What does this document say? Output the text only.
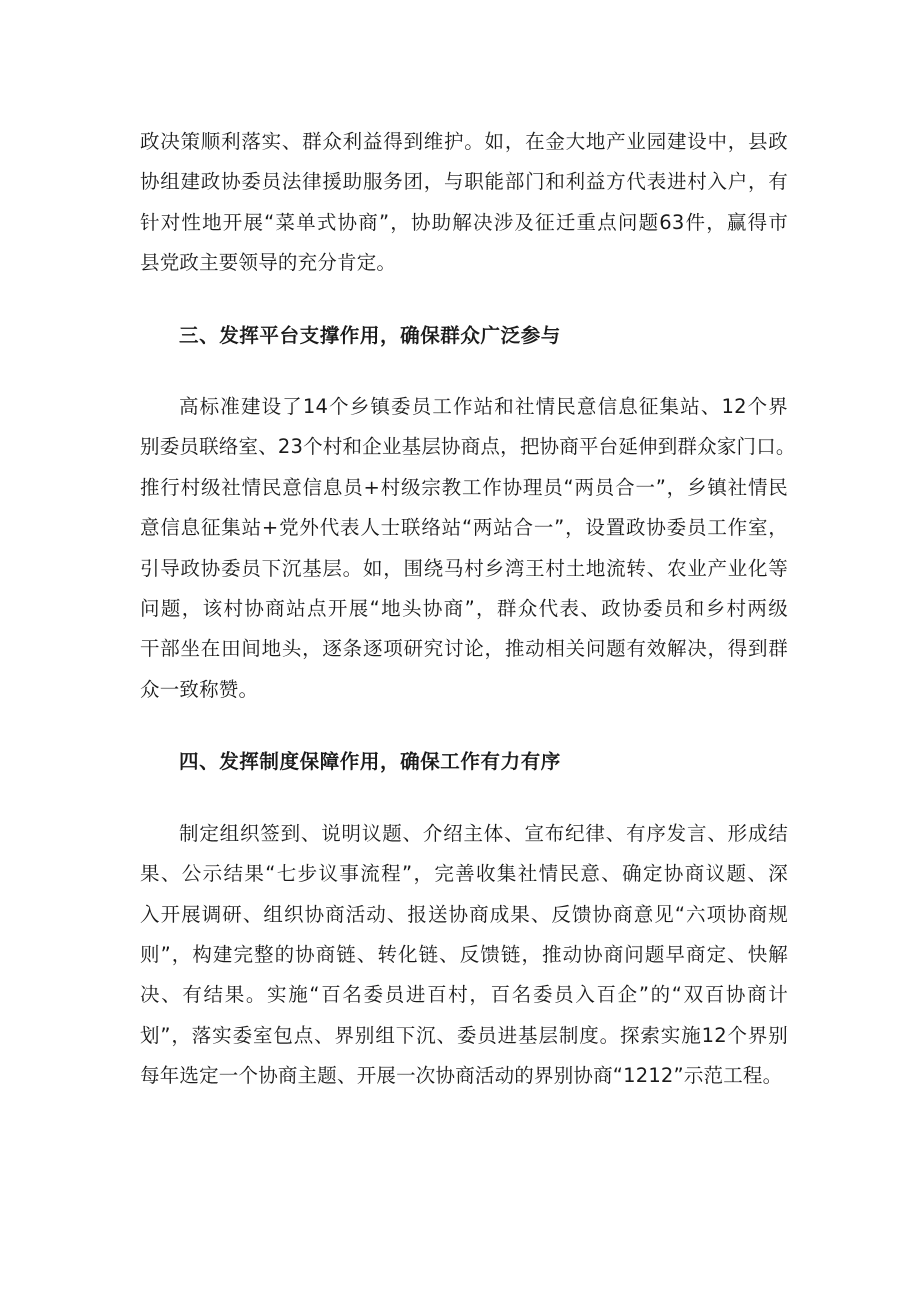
政决策顺利落实、群众利益得到维护。如，在金大地产业园建设中，县政
协组建政协委员法律援助服务团，与职能部门和利益方代表进村入户，有
针对性地开展“菜单式协商”，协助解决涉及征迁重点问题63件，赢得市
县党政主要领导的充分肯定。
三、发挥平台支撑作用，确保群众广泛参与
高标准建设了14个乡镇委员工作站和社情民意信息征集站、12个界
别委员联络室、23个村和企业基层协商点，把协商平台延伸到群众家门口。
推行村级社情民意信息员+村级宗教工作协理员“两员合一”，乡镇社情民
意信息征集站+党外代表人士联络站“两站合一”，设置政协委员工作室，
引导政协委员下沉基层。如，围绕马村乡湾王村土地流转、农业产业化等
问题，该村协商站点开展“地头协商”，群众代表、政协委员和乡村两级
干部坐在田间地头，逐条逐项研究讨论，推动相关问题有效解决，得到群
众一致称赞。
四、发挥制度保障作用，确保工作有力有序
制定组织签到、说明议题、介绍主体、宣布纪律、有序发言、形成结
果、公示结果“七步议事流程”，完善收集社情民意、确定协商议题、深
入开展调研、组织协商活动、报送协商成果、反馈协商意见“六项协商规
则”，构建完整的协商链、转化链、反馈链，推动协商问题早商定、快解
决、有结果。实施“百名委员进百村，百名委员入百企”的“双百协商计
划”，落实委室包点、界别组下沉、委员进基层制度。探索实施12个界别
每年选定一个协商主题、开展一次协商活动的界别协商“1212”示范工程。
